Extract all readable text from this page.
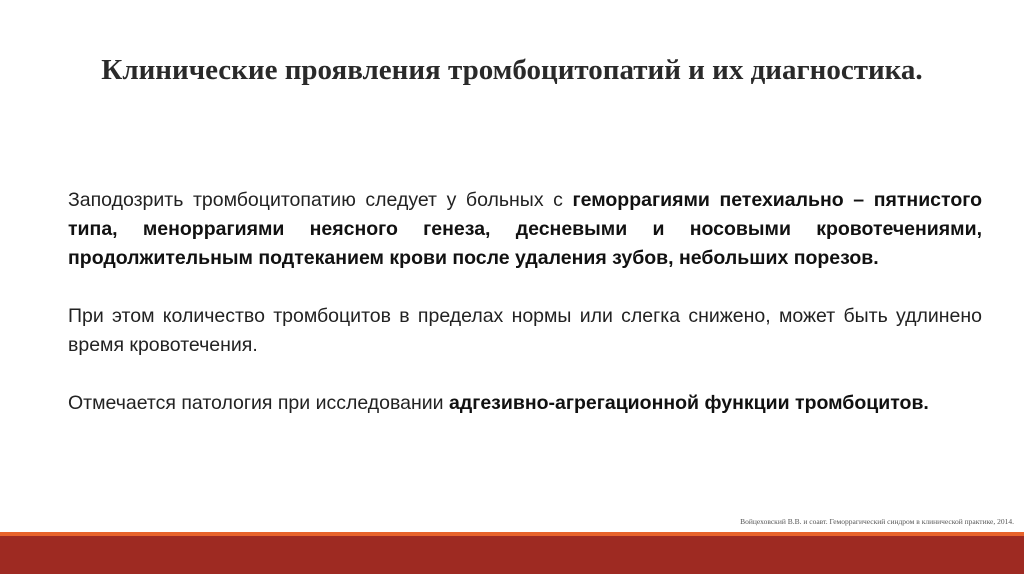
Клинические проявления тромбоцитопатий и их диагностика.

Заподозрить тромбоцитопатию следует у больных с геморрагиями петехиально – пятнистого типа, меноррагиями неясного генеза, десневыми и носовыми кровотечениями, продолжительным подтеканием крови после удаления зубов, небольших порезов.

При этом количество тромбоцитов в пределах нормы или слегка снижено, может быть удлинено время кровотечения.

Отмечается патология при исследовании адгезивно-агрегационной функции тромбоцитов.

Войцеховский В.В. и соавт. Геморрагический синдром в клинической практике, 2014.
